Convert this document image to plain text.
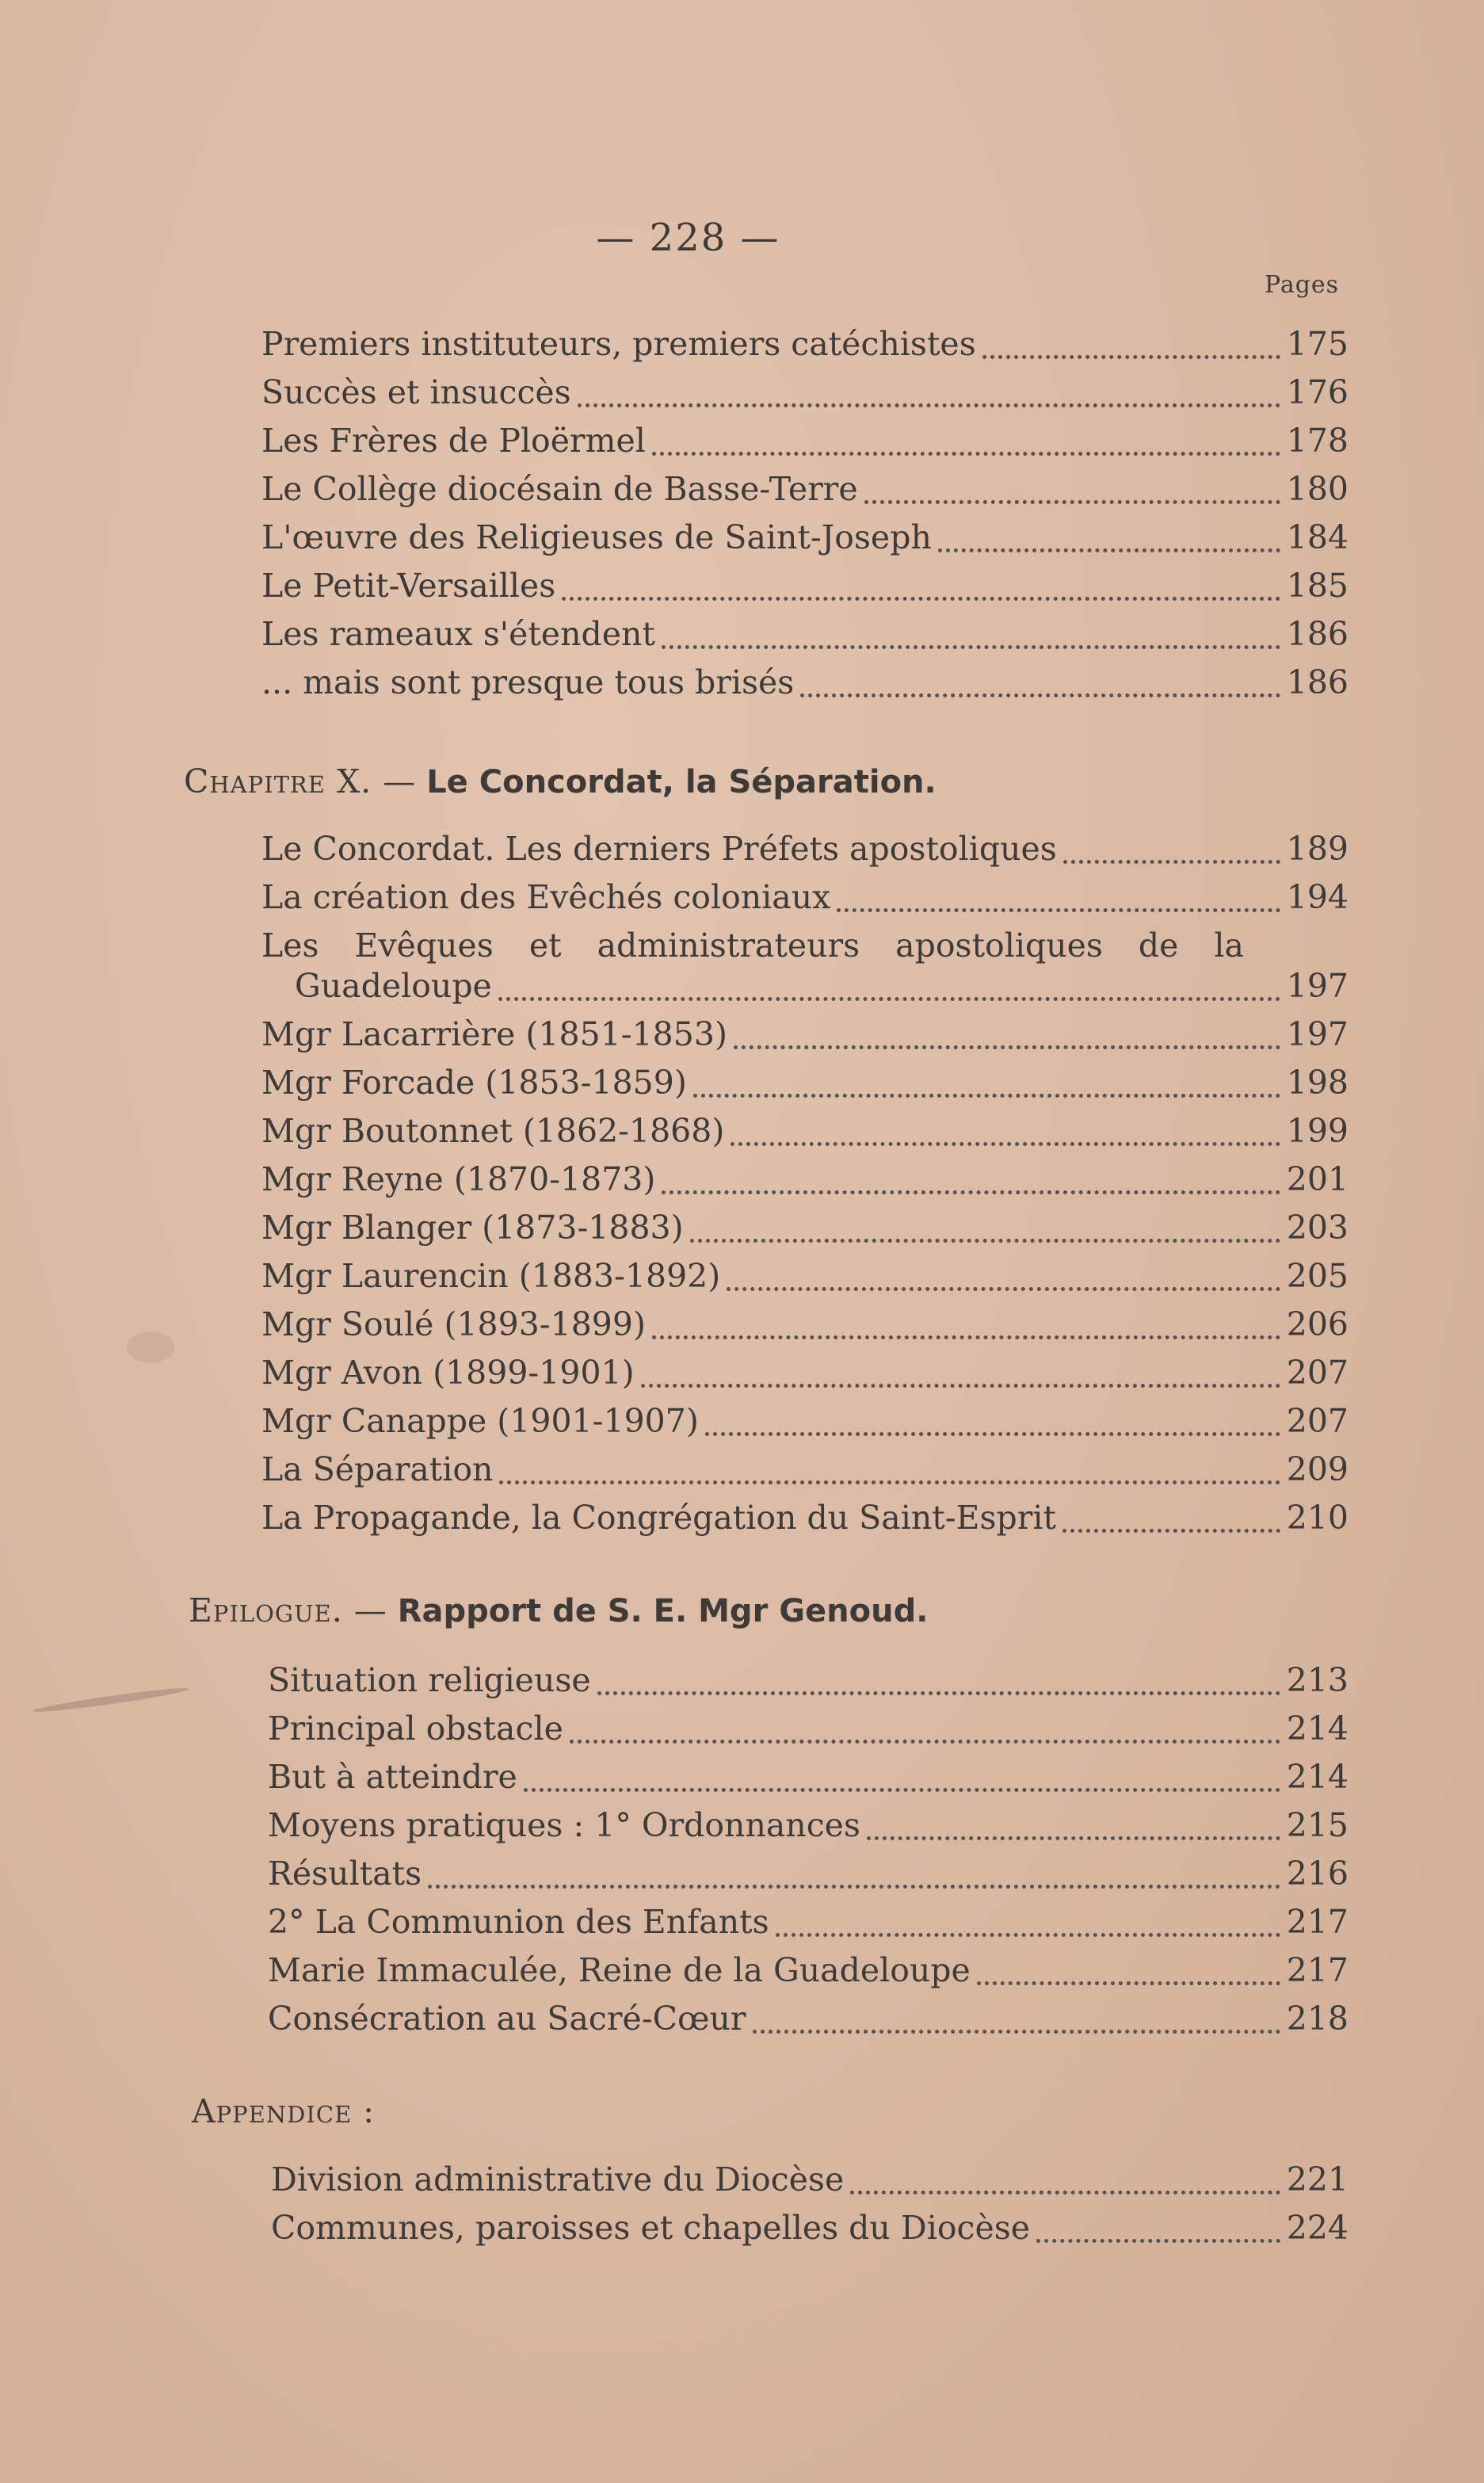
— 228 —
Pages
Premiers instituteurs, premiers catéchistes	175
Succès et insuccès	176
Les Frères de Ploërmel	178
Le Collège diocésain de Basse-Terre	180
L'œuvre des Religieuses de Saint-Joseph	184
Le Petit-Versailles	185
Les rameaux s'étendent	186
... mais sont presque tous brisés	186
Chapitre X. — Le Concordat, la Séparation.
Le Concordat. Les derniers Préfets apostoliques	189
La création des Evêchés coloniaux	194
Les Evêques et administrateurs apostoliques de la
Guadeloupe	197
Mgr Lacarrière (1851-1853)	197
Mgr Forcade (1853-1859)	198
Mgr Boutonnet (1862-1868)	199
Mgr Reyne (1870-1873)	201
Mgr Blanger (1873-1883)	203
Mgr Laurencin (1883-1892)	205
Mgr Soulé (1893-1899)	206
Mgr Avon (1899-1901)	207
Mgr Canappe (1901-1907)	207
La Séparation	209
La Propagande, la Congrégation du Saint-Esprit	210
Epilogue. — Rapport de S. E. Mgr Genoud.
Situation religieuse	213
Principal obstacle	214
But à atteindre	214
Moyens pratiques : 1° Ordonnances	215
Résultats	216
2° La Communion des Enfants	217
Marie Immaculée, Reine de la Guadeloupe	217
Consécration au Sacré-Cœur	218
Appendice :
Division administrative du Diocèse	221
Communes, paroisses et chapelles du Diocèse	224
